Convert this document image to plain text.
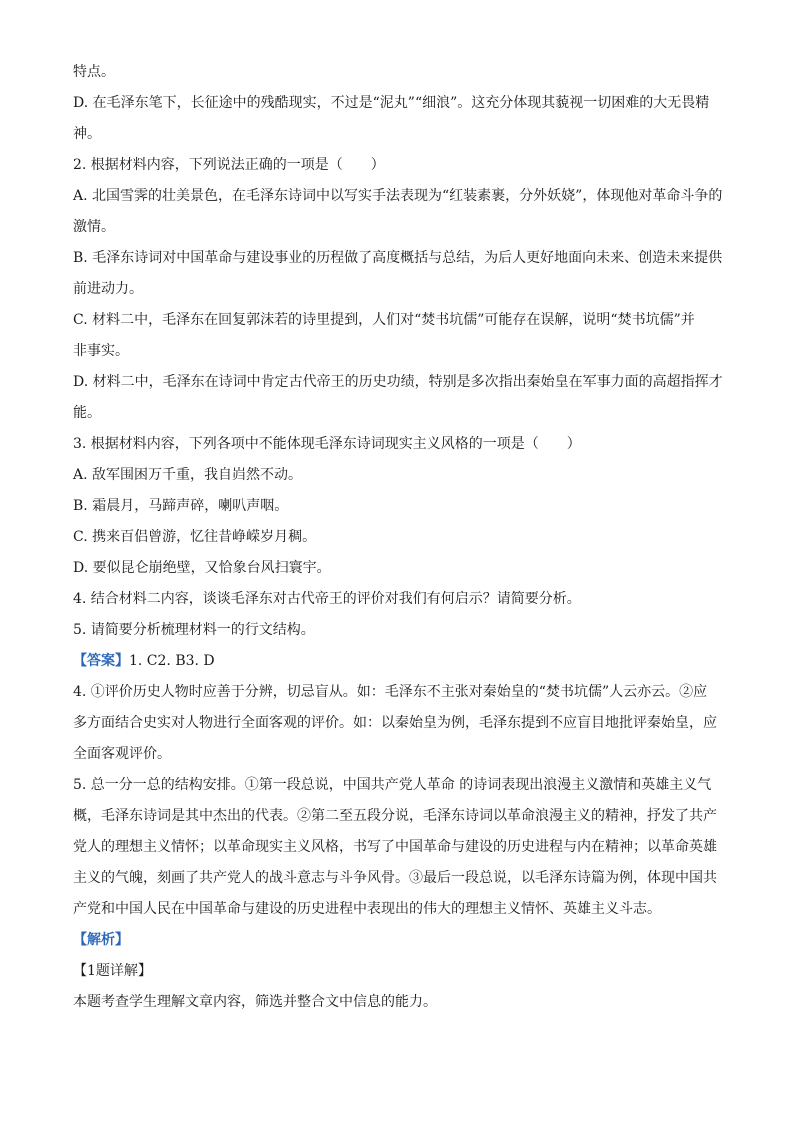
特点。

D. 在毛泽东笔下，长征途中的残酷现实，不过是“泥丸”“细浪”。这充分体现其藐视一切困难的大无畏精

神。

2. 根据材料内容，下列说法正确的一项是（　　）

A. 北国雪霁的壮美景色，在毛泽东诗词中以写实手法表现为“红装素裹，分外妖娆”，体现他对革命斗争的

激情。

B. 毛泽东诗词对中国革命与建设事业的历程做了高度概括与总结，为后人更好地面向未来、创造未来提供

前进动力。

C. 材料二中，毛泽东在回复郭沫若的诗里提到，人们对“焚书坑儒”可能存在误解，说明“焚书坑儒”并

非事实。

D. 材料二中，毛泽东在诗词中肯定古代帝王的历史功绩，特别是多次指出秦始皇在军事力面的高超指挥才

能。

3. 根据材料内容，下列各项中不能体现毛泽东诗词现实主义风格的一项是（　　）

A. 敌军围困万千重，我自岿然不动。

B. 霜晨月，马蹄声碎，喇叭声咽。

C. 携来百侣曾游，忆往昔峥嵘岁月稠。

D. 要似昆仑崩绝壁，又恰象台风扫寰宇。

4. 结合材料二内容，谈谈毛泽东对古代帝王的评价对我们有何启示？请简要分析。

5. 请简要分析梳理材料一的行文结构。

【答案】1. C2. B3. D

4. ①评价历史人物时应善于分辨，切忌盲从。如：毛泽东不主张对秦始皇的“焚书坑儒”人云亦云。②应

多方面结合史实对人物进行全面客观的评价。如：以秦始皇为例，毛泽东提到不应盲目地批评秦始皇，应

全面客观评价。

5. 总一分一总的结构安排。①第一段总说，中国共产党人革命 的诗词表现出浪漫主义激情和英雄主义气

概，毛泽东诗词是其中杰出的代表。②第二至五段分说，毛泽东诗词以革命浪漫主义的精神，抒发了共产

党人的理想主义情怀；以革命现实主义风格，书写了中国革命与建设的历史进程与内在精神；以革命英雄

主义的气魄，刻画了共产党人的战斗意志与斗争风骨。③最后一段总说，以毛泽东诗篇为例，体现中国共

产党和中国人民在中国革命与建设的历史进程中表现出的伟大的理想主义情怀、英雄主义斗志。

【解析】

【1题详解】

本题考查学生理解文章内容，筛选并整合文中信息的能力。
